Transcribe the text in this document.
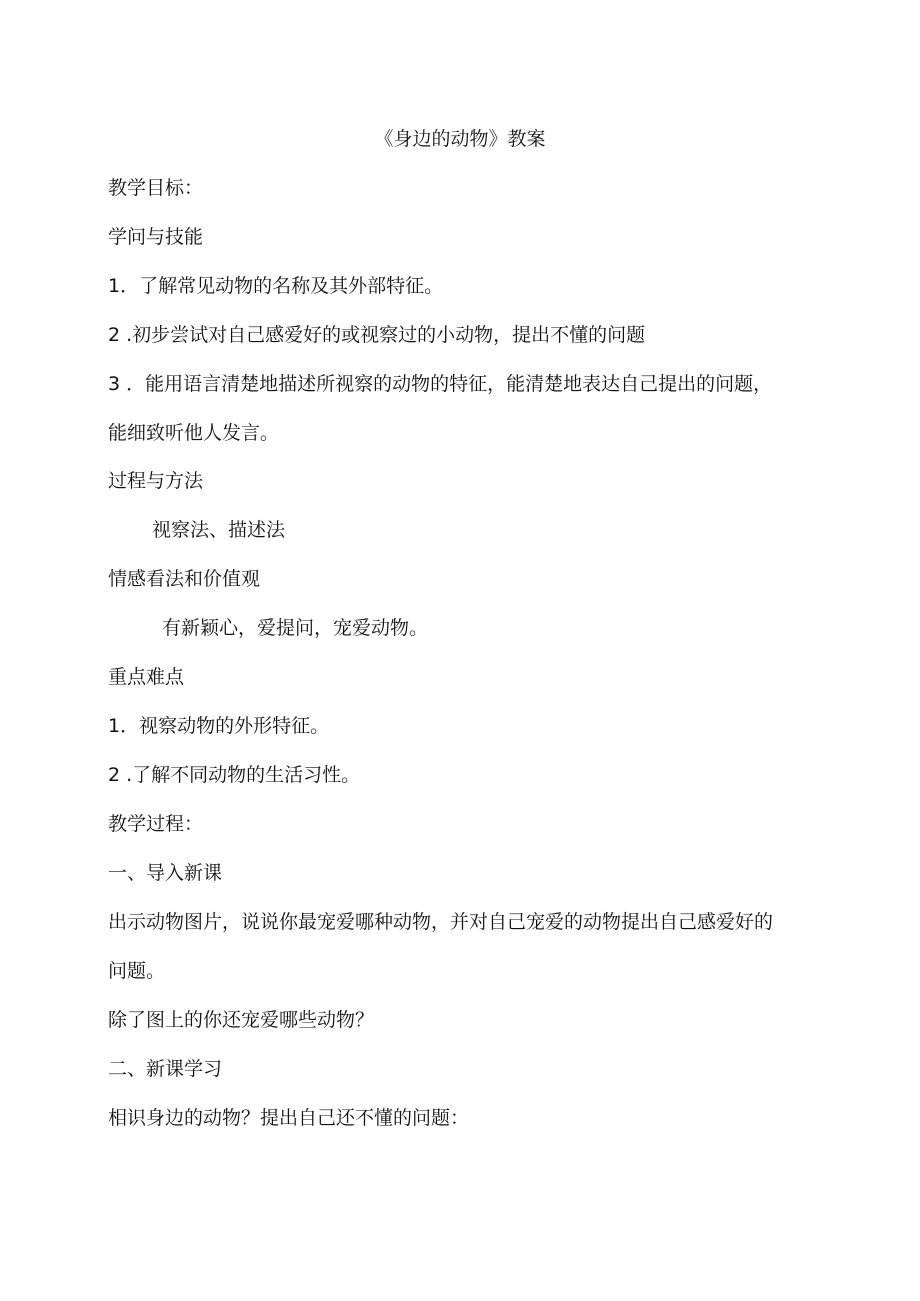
《身边的动物》教案
教学目标：
学问与技能
1．了解常见动物的名称及其外部特征。
2 .初步尝试对自己感爱好的或视察过的小动物，提出不懂的问题
3 ．能用语言清楚地描述所视察的动物的特征，能清楚地表达自己提出的问题，
能细致听他人发言。
过程与方法
视察法、描述法
情感看法和价值观
有新颖心，爱提问，宠爱动物。
重点难点
1．视察动物的外形特征。
2 .了解不同动物的生活习性。
教学过程：
一、导入新课
出示动物图片，说说你最宠爱哪种动物，并对自己宠爱的动物提出自己感爱好的
问题。
除了图上的你还宠爱哪些动物？
二、新课学习
相识身边的动物？提出自己还不懂的问题：
